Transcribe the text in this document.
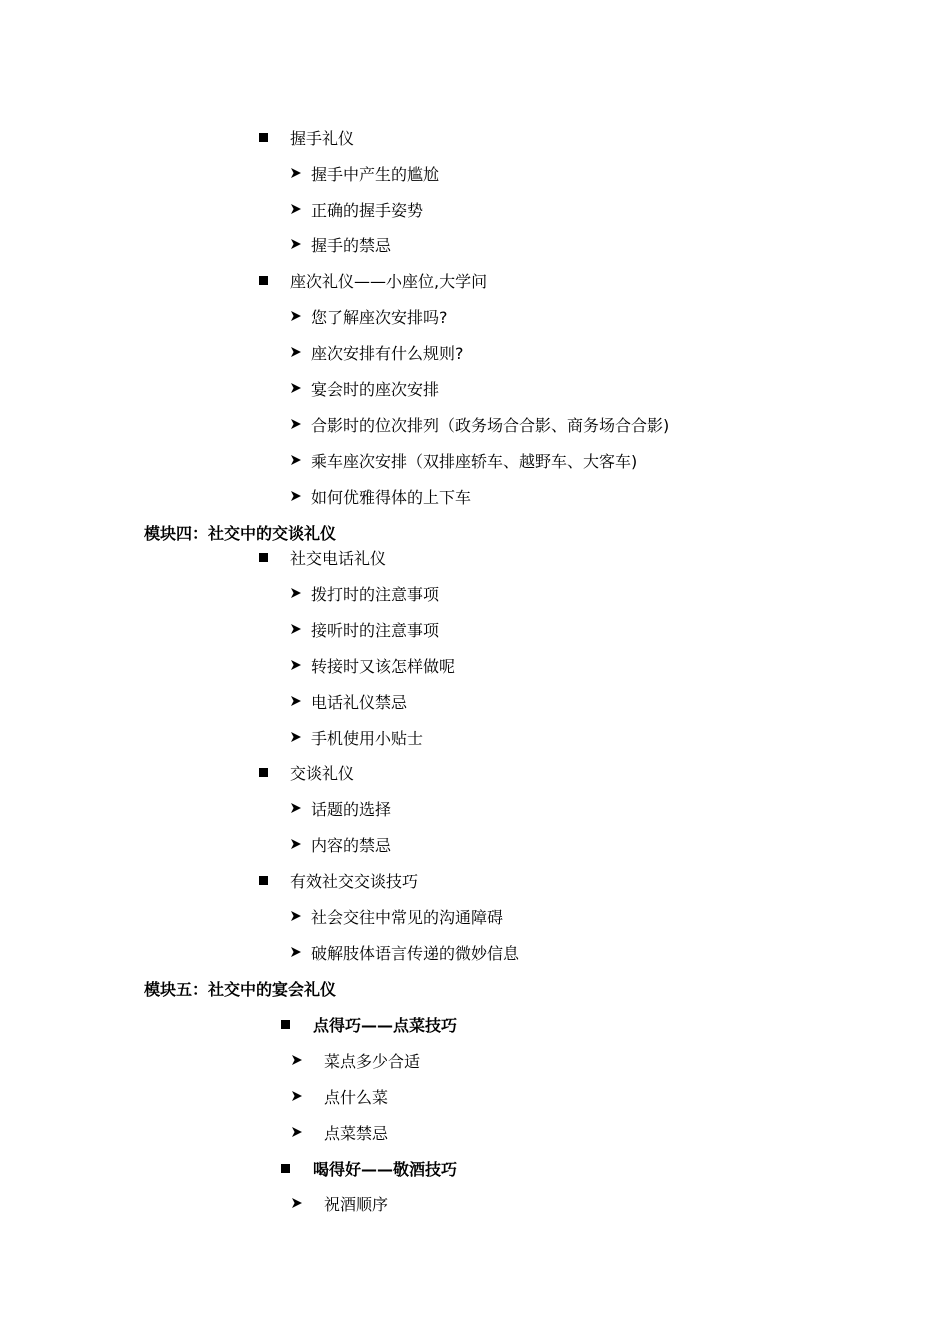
握手礼仪
握手中产生的尴尬
正确的握手姿势
握手的禁忌
座次礼仪——小座位,大学问
您了解座次安排吗?
座次安排有什么规则?
宴会时的座次安排
合影时的位次排列（政务场合合影、商务场合合影)
乘车座次安排（双排座轿车、越野车、大客车)
如何优雅得体的上下车
模块四：社交中的交谈礼仪
社交电话礼仪
拨打时的注意事项
接听时的注意事项
转接时又该怎样做呢
电话礼仪禁忌
手机使用小贴士
交谈礼仪
话题的选择
内容的禁忌
有效社交交谈技巧
社会交往中常见的沟通障碍
破解肢体语言传递的微妙信息
模块五：社交中的宴会礼仪
点得巧——点菜技巧
菜点多少合适
点什么菜
点菜禁忌
喝得好——敬酒技巧
祝酒顺序
